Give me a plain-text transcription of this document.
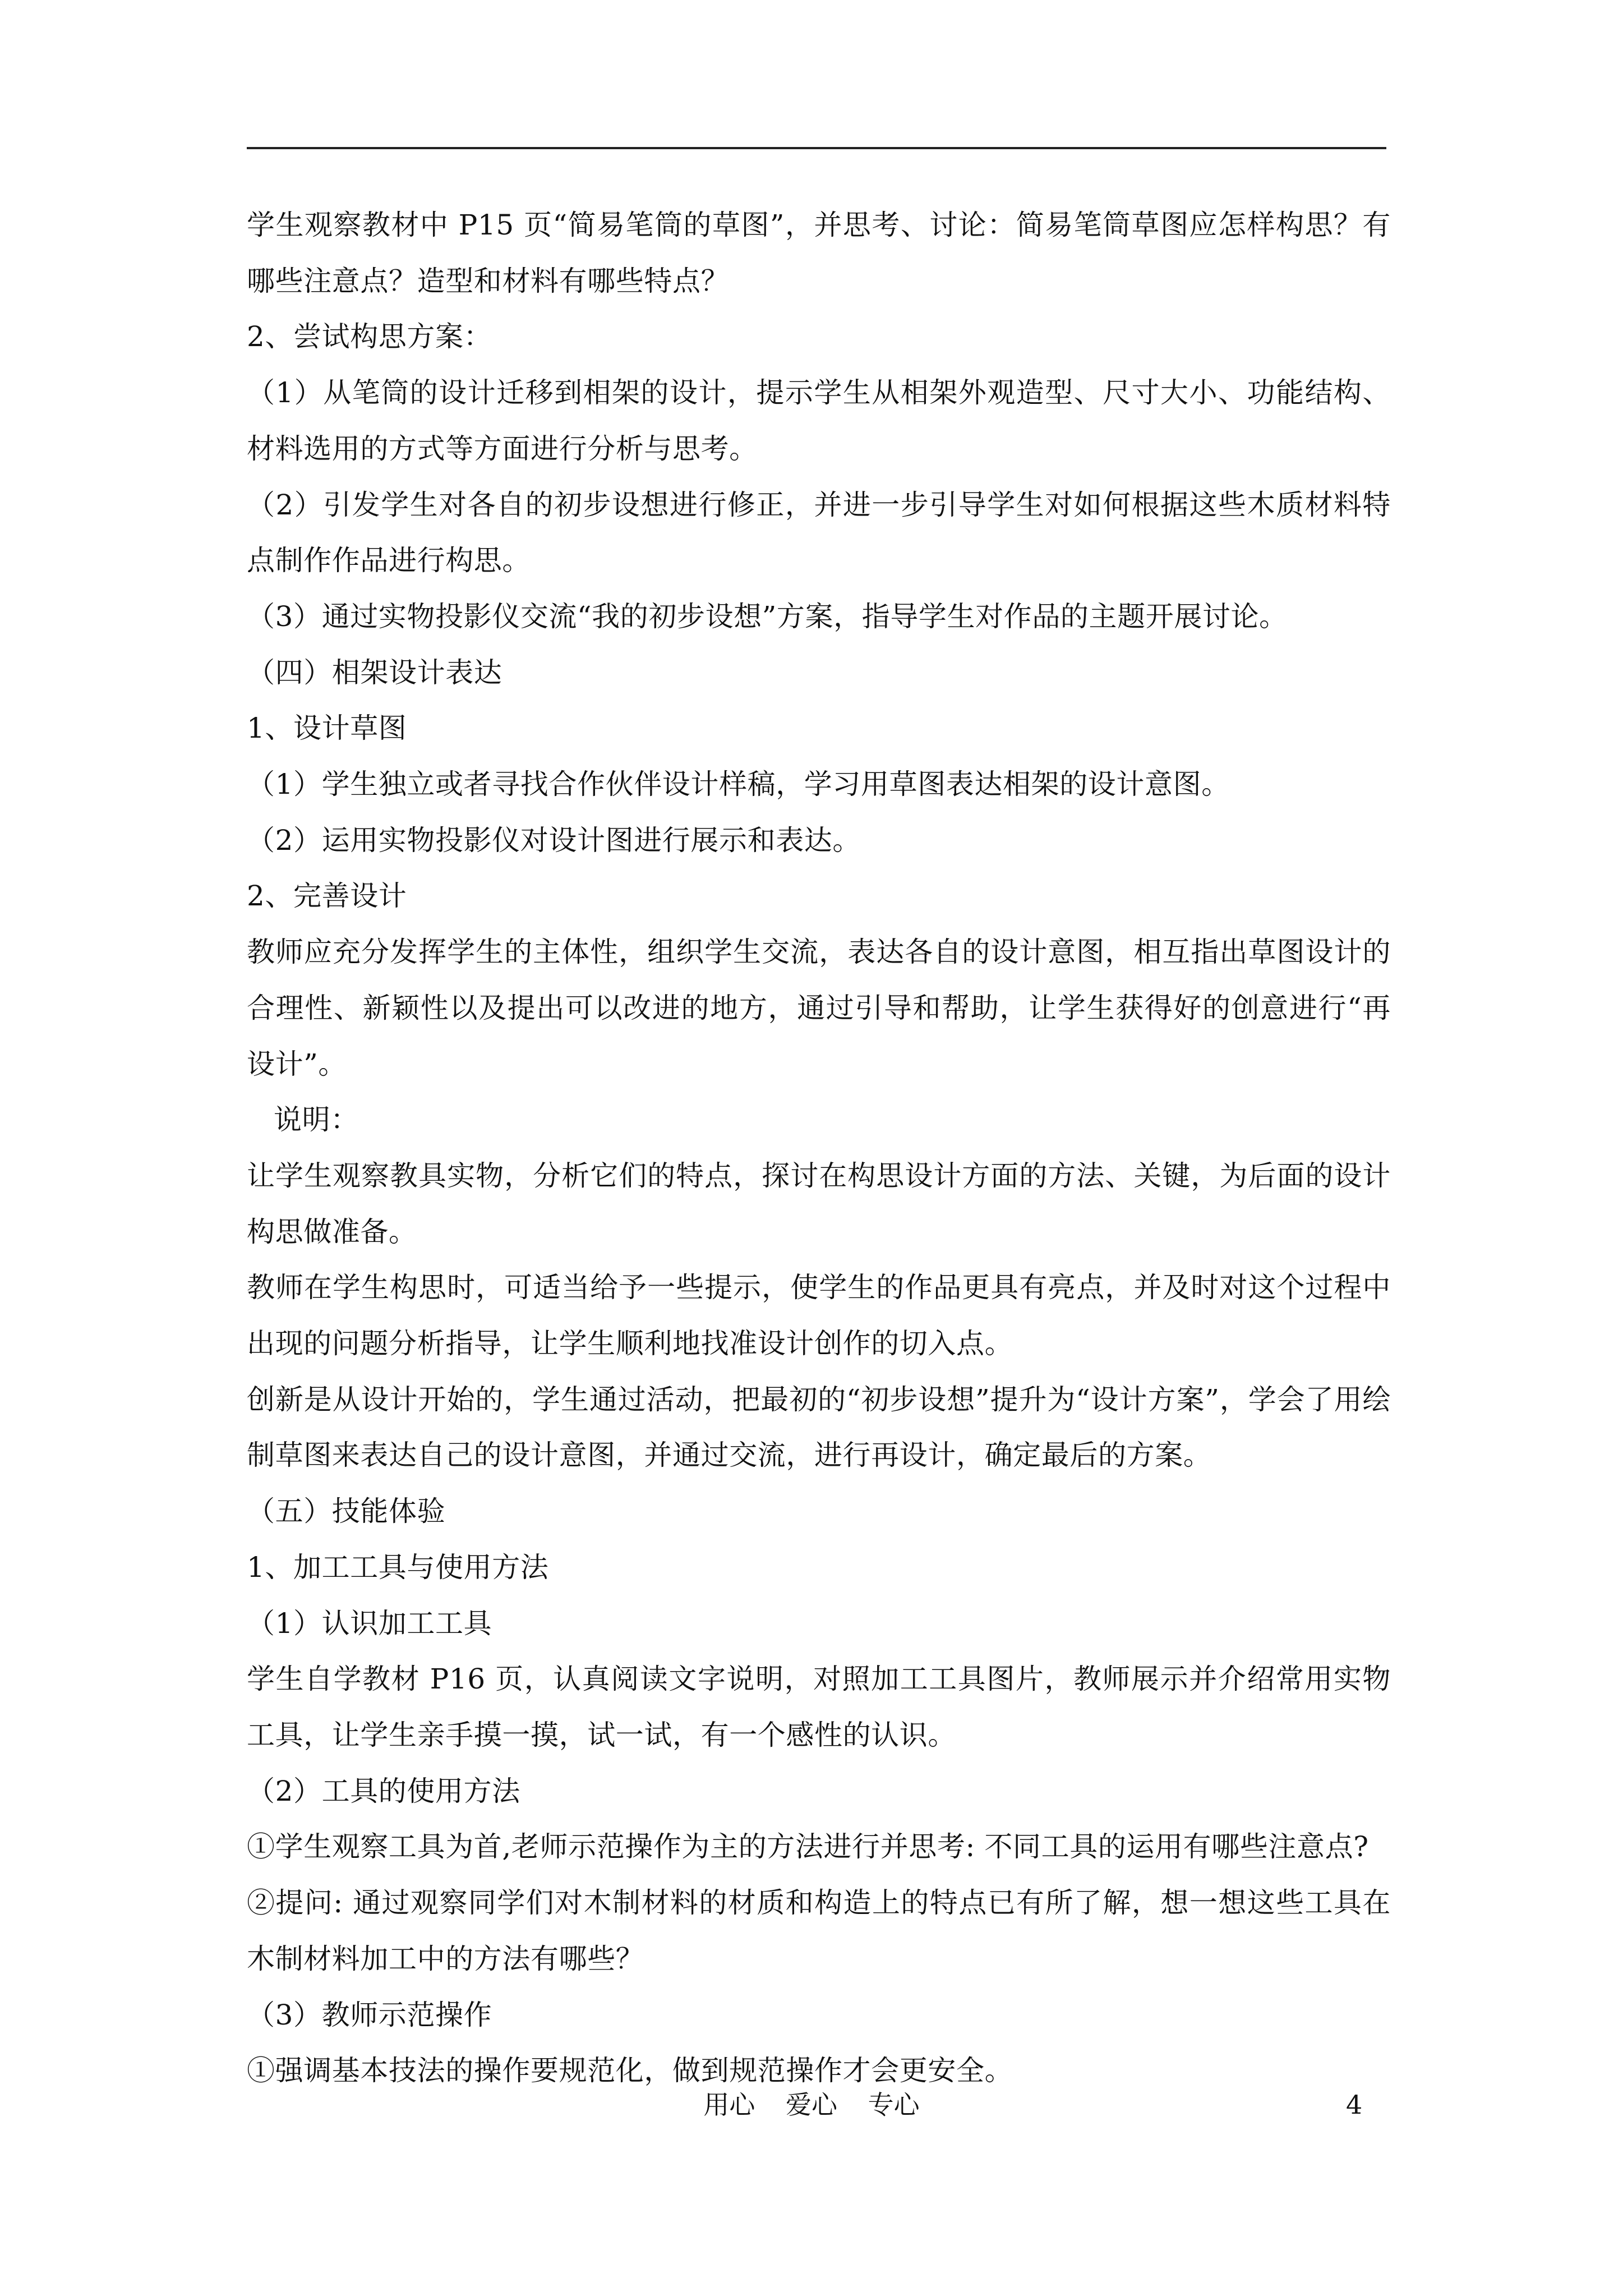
学生观察教材中 P15 页“简易笔筒的草图”，并思考、讨论：简易笔筒草图应怎样构思？有哪些注意点？造型和材料有哪些特点？

2、尝试构思方案：

（1）从笔筒的设计迁移到相架的设计，提示学生从相架外观造型、尺寸大小、功能结构、材料选用的方式等方面进行分析与思考。

（2）引发学生对各自的初步设想进行修正，并进一步引导学生对如何根据这些木质材料特点制作作品进行构思。

（3）通过实物投影仪交流“我的初步设想”方案，指导学生对作品的主题开展讨论。

（四）相架设计表达

1、设计草图

（1）学生独立或者寻找合作伙伴设计样稿，学习用草图表达相架的设计意图。

（2）运用实物投影仪对设计图进行展示和表达。

2、完善设计

教师应充分发挥学生的主体性，组织学生交流，表达各自的设计意图，相互指出草图设计的合理性、新颖性以及提出可以改进的地方，通过引导和帮助，让学生获得好的创意进行“再设计”。

说明：

让学生观察教具实物，分析它们的特点，探讨在构思设计方面的方法、关键，为后面的设计构思做准备。

教师在学生构思时，可适当给予一些提示，使学生的作品更具有亮点，并及时对这个过程中出现的问题分析指导，让学生顺利地找准设计创作的切入点。

创新是从设计开始的，学生通过活动，把最初的“初步设想”提升为“设计方案”，学会了用绘制草图来表达自己的设计意图，并通过交流，进行再设计，确定最后的方案。

（五）技能体验

1、加工工具与使用方法

（1）认识加工工具

学生自学教材 P16 页，认真阅读文字说明，对照加工工具图片，教师展示并介绍常用实物工具，让学生亲手摸一摸，试一试，有一个感性的认识。

（2）工具的使用方法

①学生观察工具为首,老师示范操作为主的方法进行并思考: 不同工具的运用有哪些注意点?

②提问: 通过观察同学们对木制材料的材质和构造上的特点已有所了解，想一想这些工具在木制材料加工中的方法有哪些？

（3）教师示范操作

①强调基本技法的操作要规范化，做到规范操作才会更安全。

用心 爱心 专心	4
